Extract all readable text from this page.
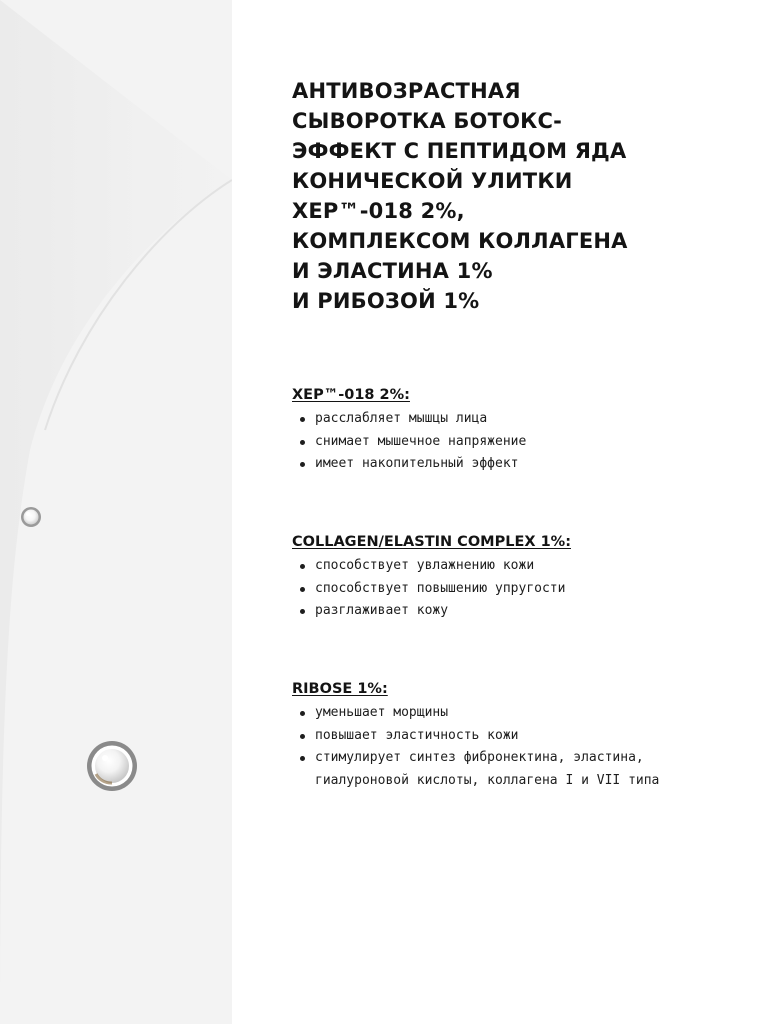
АНТИВОЗРАСТНАЯ
СЫВОРОТКА БОТОКС-
ЭФФЕКТ С ПЕПТИДОМ ЯДА
КОНИЧЕСКОЙ УЛИТКИ
XEP™-018 2%,
КОМПЛЕКСОМ КОЛЛАГЕНА
И ЭЛАСТИНА 1%
И РИБОЗОЙ 1%
XEP™-018 2%:
расслабляет мышцы лица
снимает мышечное напряжение
имеет накопительный эффект
COLLAGEN/ELASTIN COMPLEX 1%:
способствует увлажнению кожи
способствует повышению упругости
разглаживает кожу
RIBOSE 1%:
уменьшает морщины
повышает эластичность кожи
стимулирует синтез фибронектина, эластина, гиалуроновой кислоты, коллагена I и VII типа
